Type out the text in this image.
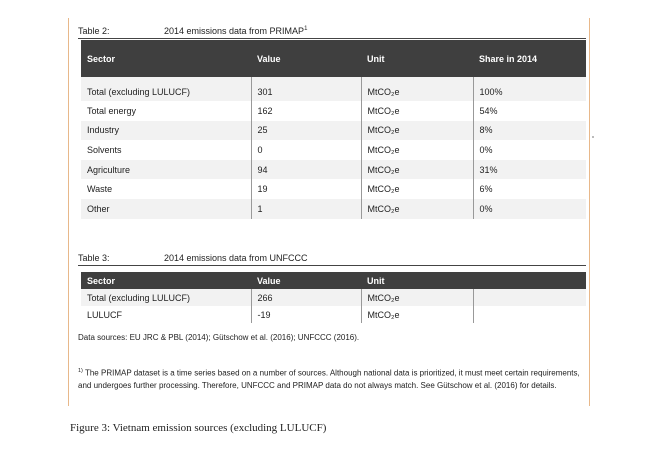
Table 2:	2014 emissions data from PRIMAP$^1$
Sector	Value	Unit	Share in 2014
Total (excluding LULUCF)	301	MtCO₂e	100%
Total energy	162	MtCO₂e	54%
Industry	25	MtCO₂e	8%
Solvents	0	MtCO₂e	0%
Agriculture	94	MtCO₂e	31%
Waste	19	MtCO₂e	6%
Other	1	MtCO₂e	0%
Table 3:	2014 emissions data from UNFCCC
Sector	Value	Unit	
Total (excluding LULUCF)	266	MtCO₂e	
LULUCF	-19	MtCO₂e	
Data sources: EU JRC & PBL (2014); Gütschow et al. (2016); UNFCCC (2016).
$^{1)}$ The PRIMAP dataset is a time series based on a number of sources. Although national data is prioritized, it must meet certain requirements, and undergoes further processing. Therefore, UNFCCC and PRIMAP data do not always match. See Gütschow et al. (2016) for details.
Figure 3: Vietnam emission sources (excluding LULUCF)
